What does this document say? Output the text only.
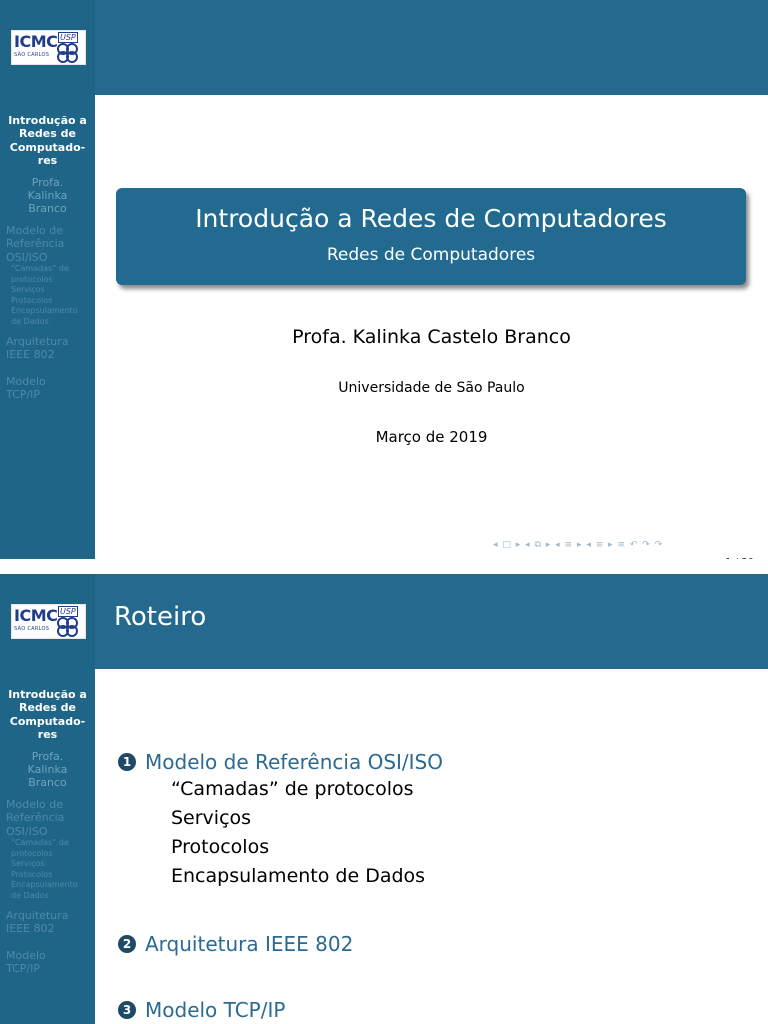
ICMC USP
SÃO CARLOS
Introdução a
Redes de
Computado-
res
Profa.
Kalinka
Branco
Modelo de
Referência
OSI/ISO
“Camadas” de
protocolos
Serviços
Protocolos
Encapsulamento
de Dados
Arquitetura
IEEE 802
Modelo
TCP/IP
Introdução a Redes de Computadores
Redes de Computadores
Profa. Kalinka Castelo Branco
Universidade de São Paulo
Março de 2019
◂ □ ▸ ◂ ⧉ ▸ ◂ ≡ ▸ ◂ ≡ ▸ ≡ ↶ ↷ ↷
ICMC USP
SÃO CARLOS Roteiro
Introdução a
Redes de
Computado-
res
Profa.
Kalinka
Branco
Modelo de
Referência
OSI/ISO
“Camadas” de
protocolos
Serviços
Protocolos
Encapsulamento
de Dados
Arquitetura
IEEE 802
Modelo
TCP/IP
1 Modelo de Referência OSI/ISO
“Camadas” de protocolos
Serviços
Protocolos
Encapsulamento de Dados
2 Arquitetura IEEE 802
3 Modelo TCP/IP
